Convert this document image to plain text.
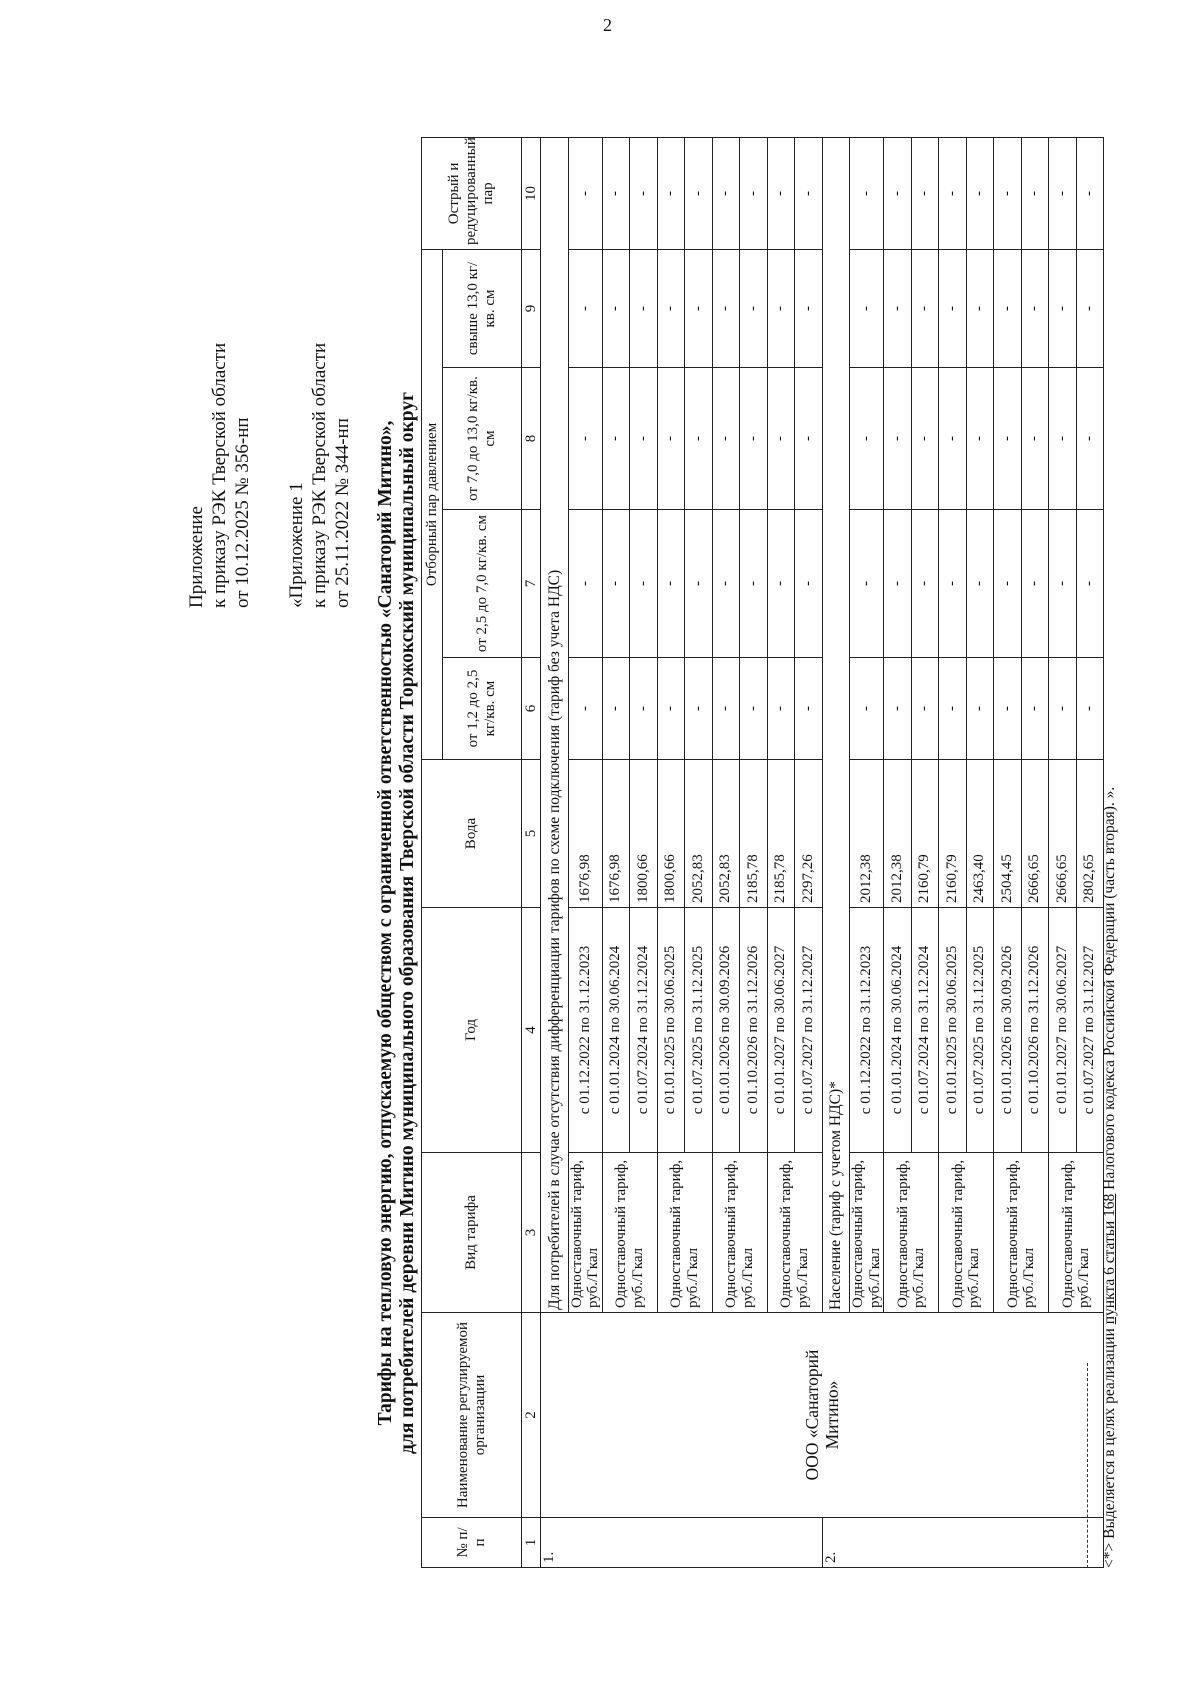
2
Приложение к приказу РЭК Тверской области от 10.12.2025 № 356-нп «Приложение 1 к приказу РЭК Тверской области от 25.11.2022 № 344-нп Тарифы на тепловую энергию, отпускаемую обществом с ограниченной ответственностью «Санаторий Митино», для потребителей деревни Митино муниципального образования Тверской области Торжокский муниципальный округ
№ п/ п	Наименование регулируемой организации	Вид тарифа	Год	Вода	Отборный пар давлением				Острый и редуцированный пар
					от 1,2 до 2,5 кг/кв. см	от 2,5 до 7,0 кг/кв. см	от 7,0 до 13,0 кг/кв. см	свыше 13,0 кг/кв. см	
1	2	3	4	5	6	7	8	9	10
1.	ООО «Санаторий Митино»	Для потребителей в случае отсутствия дифференциации тарифов по схеме подключения (тариф без учета НДС)							
		Одноставочный тариф, руб./Гкал	с 01.12.2022 по 31.12.2023	1676,98	-	-	-	-	-
		Одноставочный тариф, руб./Гкал	с 01.01.2024 по 30.06.2024	1676,98	-	-	-	-	-
			с 01.07.2024 по 31.12.2024	1800,66	-	-	-	-	-
		Одноставочный тариф, руб./Гкал	с 01.01.2025 по 30.06.2025	1800,66	-	-	-	-	-
			с 01.07.2025 по 31.12.2025	2052,83	-	-	-	-	-
		Одноставочный тариф, руб./Гкал	с 01.01.2026 по 30.09.2026	2052,83	-	-	-	-	-
			с 01.10.2026 по 31.12.2026	2185,78	-	-	-	-	-
		Одноставочный тариф, руб./Гкал	с 01.01.2027 по 30.06.2027	2185,78	-	-	-	-	-
			с 01.07.2027 по 31.12.2027	2297,26	-	-	-	-	-
2.		Население (тариф с учетом НДС)*							
		Одноставочный тариф, руб./Гкал	с 01.12.2022 по 31.12.2023	2012,38	-	-	-	-	-
		Одноставочный тариф, руб./Гкал	с 01.01.2024 по 30.06.2024	2012,38	-	-	-	-	-
			с 01.07.2024 по 31.12.2024	2160,79	-	-	-	-	-
		Одноставочный тариф, руб./Гкал	с 01.01.2025 по 30.06.2025	2160,79	-	-	-	-	-
			с 01.07.2025 по 31.12.2025	2463,40	-	-	-	-	-
		Одноставочный тариф, руб./Гкал	с 01.01.2026 по 30.09.2026	2504,45	-	-	-	-	-
			с 01.10.2026 по 31.12.2026	2666,65	-	-	-	-	-
		Одноставочный тариф, руб./Гкал	с 01.01.2027 по 30.06.2027	2666,65	-	-	-	-	-
			с 01.07.2027 по 31.12.2027	2802,65	-	-	-	-	-
<*> Выделяется в целях реализации пункта 6 статьи 168 Налогового кодекса Российской Федерации (часть вторая). ».
